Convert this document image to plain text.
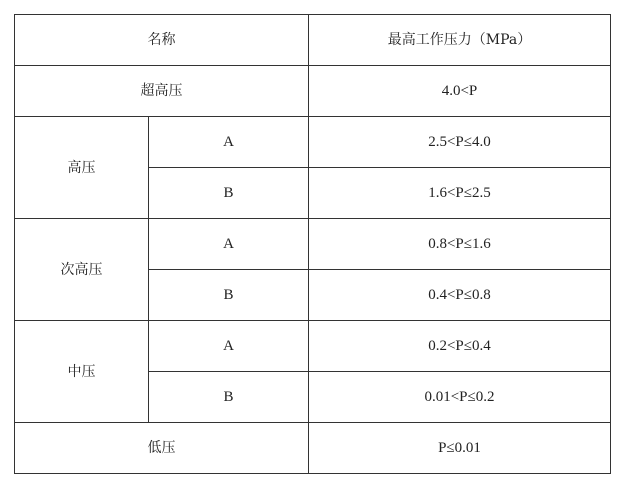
名称		最高工作压力（MPa）
超高压		4.0<P
高压	A	2.5<P≤4.0
	B	1.6<P≤2.5
次高压	A	0.8<P≤1.6
	B	0.4<P≤0.8
中压	A	0.2<P≤0.4
	B	0.01<P≤0.2
低压		P≤0.01
